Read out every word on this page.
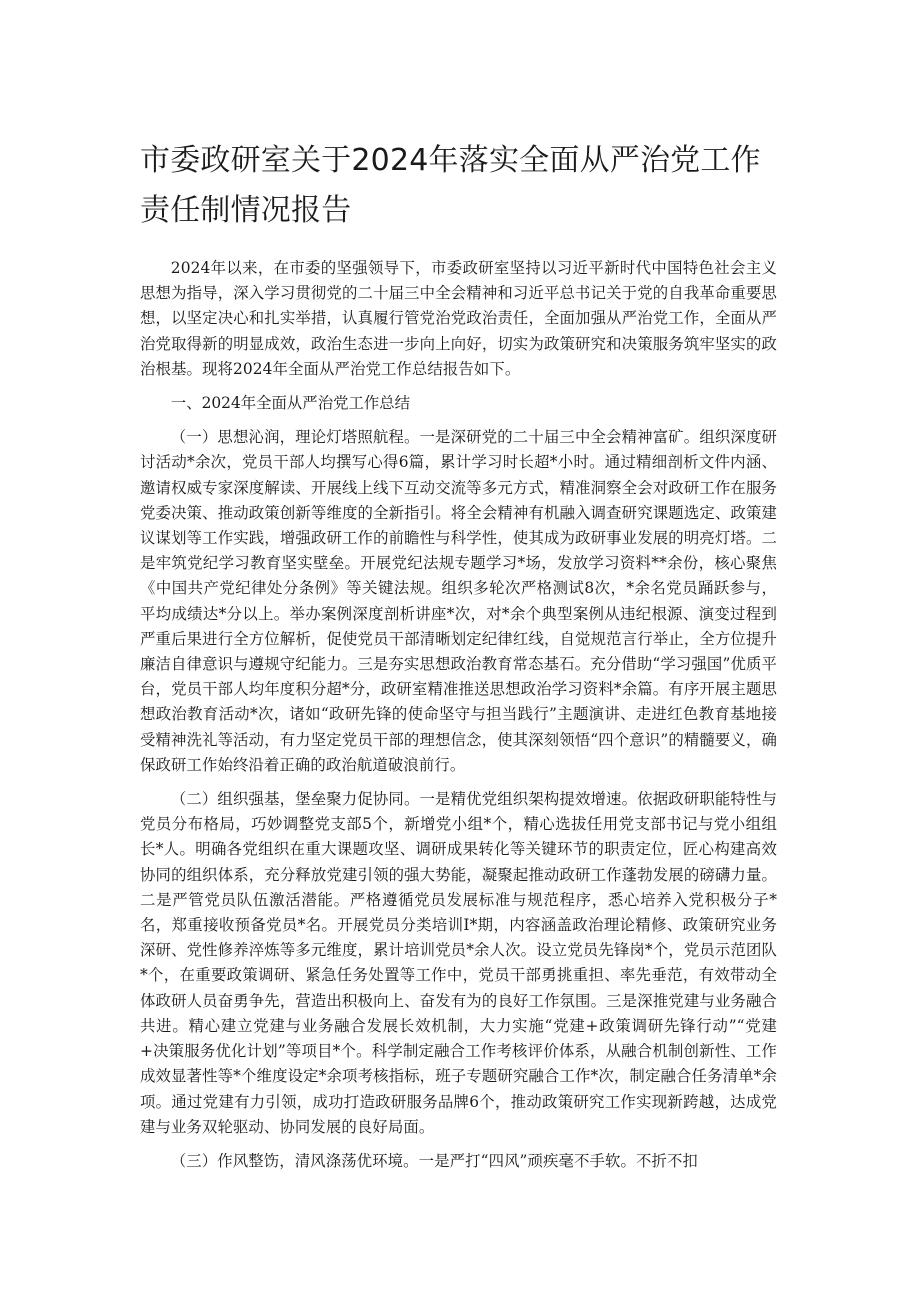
市委政研室关于2024年落实全面从严治党工作责任制情况报告

2024年以来，在市委的坚强领导下，市委政研室坚持以习近平新时代中国特色社会主义思想为指导，深入学习贯彻党的二十届三中全会精神和习近平总书记关于党的自我革命重要思想，以坚定决心和扎实举措，认真履行管党治党政治责任，全面加强从严治党工作，全面从严治党取得新的明显成效，政治生态进一步向上向好，切实为政策研究和决策服务筑牢坚实的政治根基。现将2024年全面从严治党工作总结报告如下。

一、2024年全面从严治党工作总结

（一）思想沁润，理论灯塔照航程。一是深研党的二十届三中全会精神富矿。组织深度研讨活动*余次，党员干部人均撰写心得6篇，累计学习时长超*小时。通过精细剖析文件内涵、邀请权威专家深度解读、开展线上线下互动交流等多元方式，精准洞察全会对政研工作在服务党委决策、推动政策创新等维度的全新指引。将全会精神有机融入调查研究课题选定、政策建议谋划等工作实践，增强政研工作的前瞻性与科学性，使其成为政研事业发展的明亮灯塔。二是牢筑党纪学习教育坚实壁垒。开展党纪法规专题学习*场，发放学习资料**余份，核心聚焦《中国共产党纪律处分条例》等关键法规。组织多轮次严格测试8次，*余名党员踊跃参与，平均成绩达*分以上。举办案例深度剖析讲座*次，对*余个典型案例从违纪根源、演变过程到严重后果进行全方位解析，促使党员干部清晰划定纪律红线，自觉规范言行举止，全方位提升廉洁自律意识与遵规守纪能力。三是夯实思想政治教育常态基石。充分借助“学习强国”优质平台，党员干部人均年度积分超*分，政研室精准推送思想政治学习资料*余篇。有序开展主题思想政治教育活动*次，诸如“政研先锋的使命坚守与担当践行”主题演讲、走进红色教育基地接受精神洗礼等活动，有力坚定党员干部的理想信念，使其深刻领悟“四个意识”的精髓要义，确保政研工作始终沿着正确的政治航道破浪前行。

（二）组织强基，堡垒聚力促协同。一是精优党组织架构提效增速。依据政研职能特性与党员分布格局，巧妙调整党支部5个，新增党小组*个，精心选拔任用党支部书记与党小组组长*人。明确各党组织在重大课题攻坚、调研成果转化等关键环节的职责定位，匠心构建高效协同的组织体系，充分释放党建引领的强大势能，凝聚起推动政研工作蓬勃发展的磅礴力量。二是严管党员队伍激活潜能。严格遵循党员发展标准与规范程序，悉心培养入党积极分子*名，郑重接收预备党员*名。开展党员分类培训I*期，内容涵盖政治理论精修、政策研究业务深研、党性修养淬炼等多元维度，累计培训党员*余人次。设立党员先锋岗*个，党员示范团队*个，在重要政策调研、紧急任务处置等工作中，党员干部勇挑重担、率先垂范，有效带动全体政研人员奋勇争先，营造出积极向上、奋发有为的良好工作氛围。三是深推党建与业务融合共进。精心建立党建与业务融合发展长效机制，大力实施“党建+政策调研先锋行动”“党建+决策服务优化计划”等项目*个。科学制定融合工作考核评价体系，从融合机制创新性、工作成效显著性等*个维度设定*余项考核指标，班子专题研究融合工作*次，制定融合任务清单*余项。通过党建有力引领，成功打造政研服务品牌6个，推动政策研究工作实现新跨越，达成党建与业务双轮驱动、协同发展的良好局面。

（三）作风整饬，清风涤荡优环境。一是严打“四风”顽疾毫不手软。不折不扣
